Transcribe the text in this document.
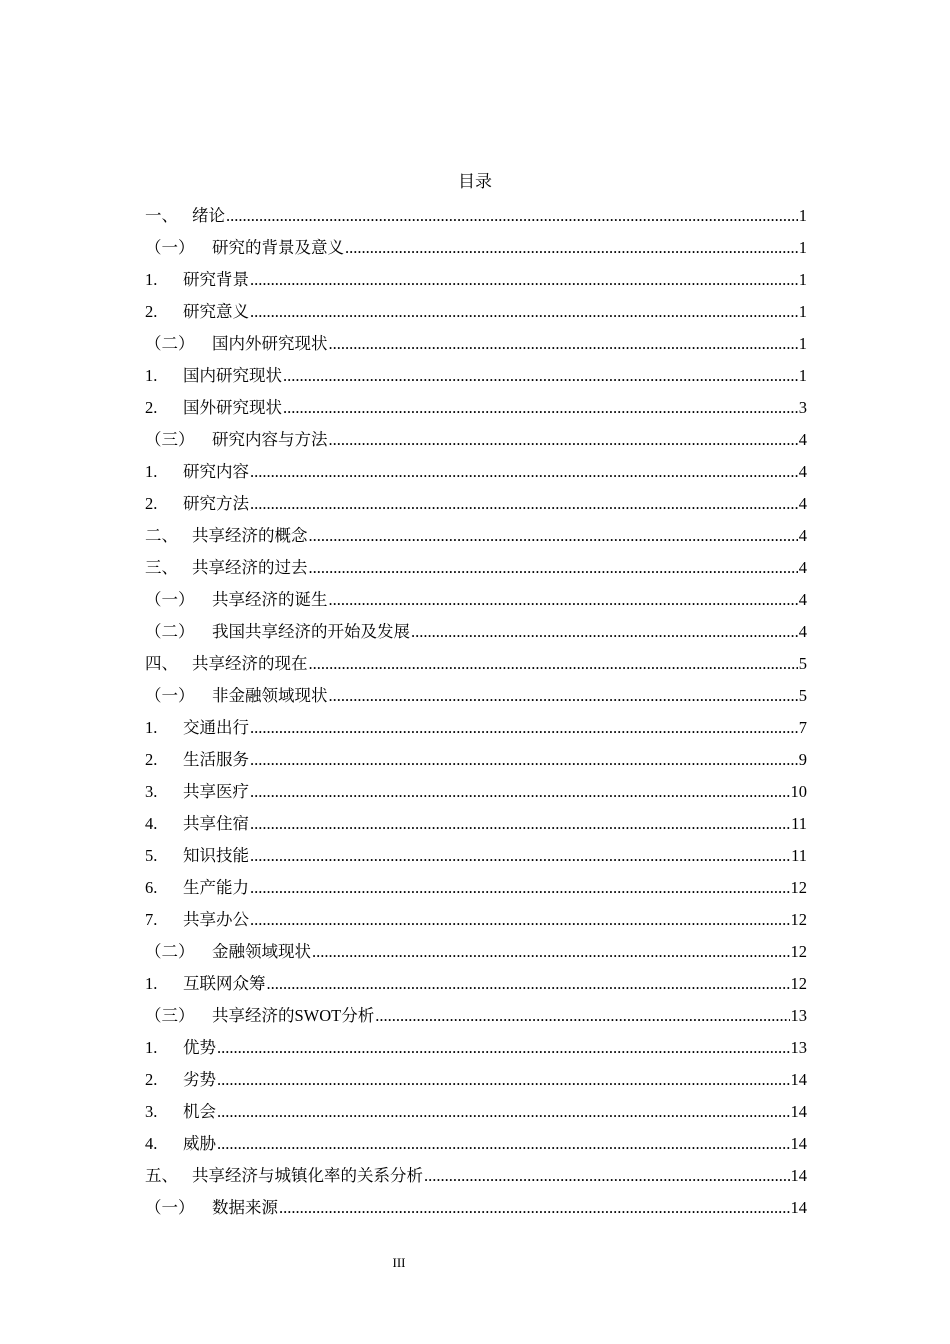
目录
一、 绪论 .....	1
（一）	研究的背景及意义 .....	1
1.	研究背景 .....	1
2.	研究意义 .....	1
（二）	国内外研究现状 .....	1
1.	国内研究现状 .....	1
2.	国外研究现状 .....	3
（三）	研究内容与方法 .....	4
1.	研究内容 .....	4
2.	研究方法 .....	4
二、 共享经济的概念 .....	4
三、 共享经济的过去 .....	4
（一）	共享经济的诞生 .....	4
（二）	我国共享经济的开始及发展 .....	4
四、 共享经济的现在 .....	5
（一）	非金融领域现状 .....	5
1.	交通出行 .....	7
2.	生活服务 .....	9
3.	共享医疗 .....	10
4.	共享住宿 .....	11
5.	知识技能 .....	11
6.	生产能力 .....	12
7.	共享办公 .....	12
（二）	金融领域现状 .....	12
1.	互联网众筹 .....	12
（三）	共享经济的SWOT分析 .....	13
1.	优势 .....	13
2.	劣势 .....	14
3.	机会 .....	14
4.	威胁 .....	14
五、 共享经济与城镇化率的关系分析 .....	14
（一）	数据来源 .....	14
III
